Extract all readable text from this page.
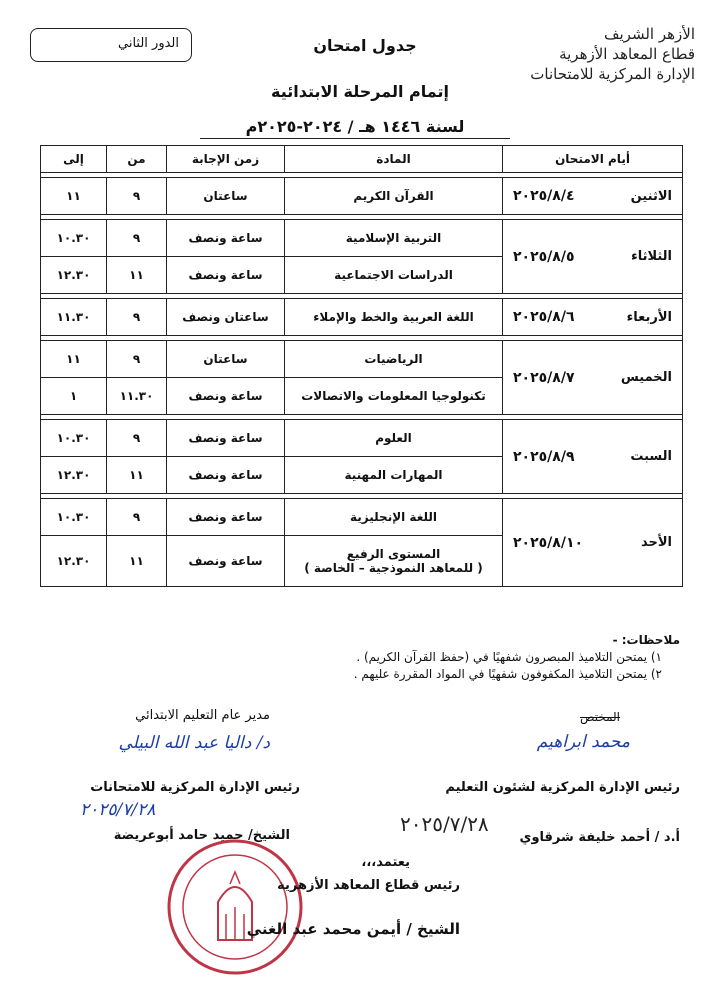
الدور الثاني	جدول امتحان
إتمام المرحلة الابتدائية
لسنة ١٤٤٦ هـ / ٢٠٢٤-٢٠٢٥م
الأزهر الشريف
قطاع المعاهد الأزهرية
الإدارة المركزية للامتحانات
أيام الامتحان	المادة	زمن الإجابة	من	إلى

الاثنين
٢٠٢٥/٨/٤	القرآن الكريم	ساعتان	٩	١١

الثلاثاء
٢٠٢٥/٨/٥	التربية الإسلامية	ساعة ونصف	٩	١٠.٣٠

	الدراسات الاجتماعية	ساعة ونصف	١١	١٢.٣٠

الأربعاء
٢٠٢٥/٨/٦	اللغة العربية والخط والإملاء	ساعتان ونصف	٩	١١.٣٠

الخميس
٢٠٢٥/٨/٧	الرياضيات	ساعتان	٩	١١

	تكنولوجيا المعلومات والاتصالات	ساعة ونصف	١١.٣٠	١

السبت
٢٠٢٥/٨/٩	العلوم	ساعة ونصف	٩	١٠.٣٠

	المهارات المهنية	ساعة ونصف	١١	١٢.٣٠

الأحد
٢٠٢٥/٨/١٠	اللغة الإنجليزية	ساعة ونصف	٩	١٠.٣٠

	المستوى الرفيع
( للمعاهد النموذجية – الخاصة )	ساعة ونصف	١١	١٢.٣٠
ملاحظات: -
١) يمتحن التلاميذ المبصرون شفهيًا في (حفظ القرآن الكريم) .
٢) يمتحن التلاميذ المكفوفون شفهيًا في المواد المقررة عليهم .
مدير عام التعليم الابتدائي
د/ داليا عبد الله البيلي
المختص
محمد ابراهيم
رئيس الإدارة المركزية للامتحانات
٢٠٢٥/٧/٢٨
الشيخ/ حميد حامد أبوعريضة
رئيس الإدارة المركزية لشئون التعليم
٢٠٢٥/٧/٢٨
أ.د / أحمد خليفة شرقاوي
يعتمد،،،
رئيس قطاع المعاهد الأزهرية
الشيخ / أيمن محمد عبد الغني
